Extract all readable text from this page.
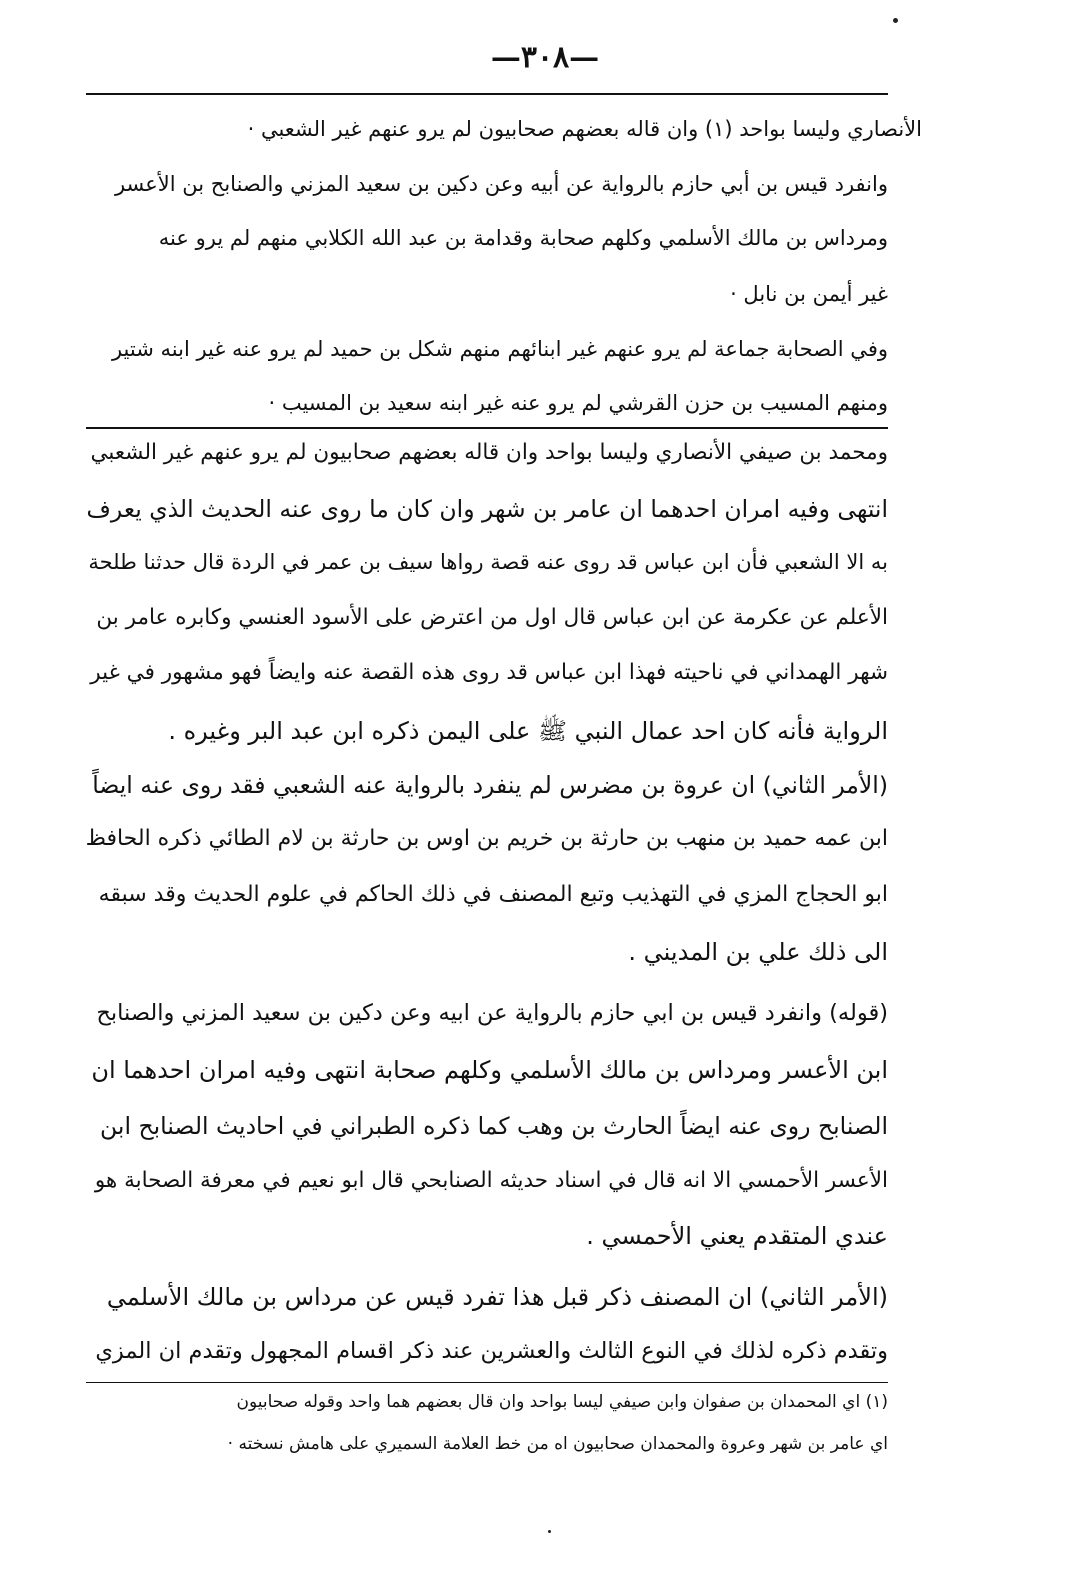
—٣٠٨—
الأنصاري وليسا بواحد (١) وان قاله بعضهم صحابيون لم يرو عنهم غير الشعبي ·
وانفرد قيس بن أبي حازم بالرواية عن أبيه وعن دكين بن سعيد المزني والصنابح بن الأعسر
ومرداس بن مالك الأسلمي وكلهم صحابة وقدامة بن عبد الله الكلابي منهم لم يرو عنه
غير أيمن بن نابل ·
وفي الصحابة جماعة لم يرو عنهم غير ابنائهم منهم شكل بن حميد لم يرو عنه غير ابنه شتير
ومنهم المسيب بن حزن القرشي لم يرو عنه غير ابنه سعيد بن المسيب ·
ومحمد بن صيفي الأنصاري وليسا بواحد وان قاله بعضهم صحابيون لم يرو عنهم غير الشعبي
انتهى وفيه امران احدهما ان عامر بن شهر وان كان ما روى عنه الحديث الذي يعرف
به الا الشعبي فأن ابن عباس قد روى عنه قصة رواها سيف بن عمر في الردة قال حدثنا طلحة
الأعلم عن عكرمة عن ابن عباس قال اول من اعترض على الأسود العنسي وكابره عامر بن
شهر الهمداني في ناحيته فهذا ابن عباس قد روى هذه القصة عنه وايضاً فهو مشهور في غير
الرواية فأنه كان احد عمال النبي ﷺ على اليمن ذكره ابن عبد البر وغيره .
(الأمر الثاني) ان عروة بن مضرس لم ينفرد بالرواية عنه الشعبي فقد روى عنه ايضاً
ابن عمه حميد بن منهب بن حارثة بن خريم بن اوس بن حارثة بن لام الطائي ذكره الحافظ
ابو الحجاج المزي في التهذيب وتبع المصنف في ذلك الحاكم في علوم الحديث وقد سبقه
الى ذلك علي بن المديني .
(قوله) وانفرد قيس بن ابي حازم بالرواية عن ابيه وعن دكين بن سعيد المزني والصنابح
ابن الأعسر ومرداس بن مالك الأسلمي وكلهم صحابة انتهى وفيه امران احدهما ان
الصنابح روى عنه ايضاً الحارث بن وهب كما ذكره الطبراني في احاديث الصنابح ابن
الأعسر الأحمسي الا انه قال في اسناد حديثه الصنابحي قال ابو نعيم في معرفة الصحابة هو
عندي المتقدم يعني الأحمسي .
(الأمر الثاني) ان المصنف ذكر قبل هذا تفرد قيس عن مرداس بن مالك الأسلمي
وتقدم ذكره لذلك في النوع الثالث والعشرين عند ذكر اقسام المجهول وتقدم ان المزي
(١) اي المحمدان بن صفوان وابن صيفي ليسا بواحد وان قال بعضهم هما واحد وقوله صحابيون
اي عامر بن شهر وعروة والمحمدان صحابيون اه من خط العلامة السميري على هامش نسخته ·
